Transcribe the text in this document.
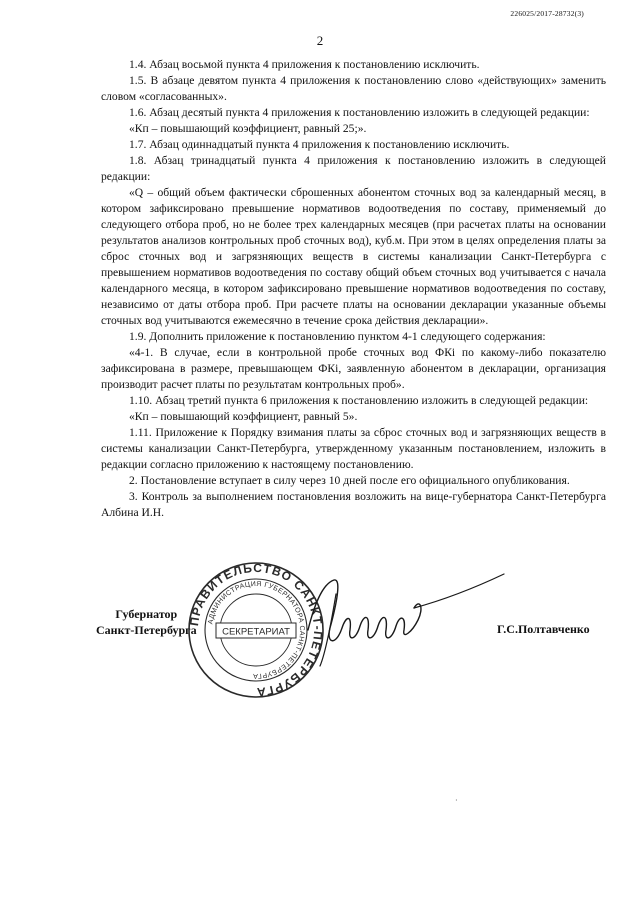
226025/2017-28732(3)
2

1.4. Абзац восьмой пункта 4 приложения к постановлению исключить.

1.5. В абзаце девятом пункта 4 приложения к постановлению слово «действующих» заменить словом «согласованных».

1.6. Абзац десятый пункта 4 приложения к постановлению изложить в следующей редакции:

«Кп – повышающий коэффициент, равный 25;».

1.7. Абзац одиннадцатый пункта 4 приложения к постановлению исключить.

1.8. Абзац тринадцатый пункта 4 приложения к постановлению изложить в следующей редакции:

«Q – общий объем фактически сброшенных абонентом сточных вод за календарный месяц, в котором зафиксировано превышение нормативов водоотведения по составу, применяемый до следующего отбора проб, но не более трех календарных месяцев (при расчетах платы на основании результатов анализов контрольных проб сточных вод), куб.м. При этом в целях определения платы за сброс сточных вод и загрязняющих веществ в системы канализации Санкт-Петербурга с превышением нормативов водоотведения по составу общий объем сточных вод учитывается с начала календарного месяца, в котором зафиксировано превышение нормативов водоотведения по составу, независимо от даты отбора проб. При расчете платы на основании декларации указанные объемы сточных вод учитываются ежемесячно в течение срока действия декларации».

1.9. Дополнить приложение к постановлению пунктом 4-1 следующего содержания:

«4-1. В случае, если в контрольной пробе сточных вод ФКi по какому-либо показателю зафиксирована в размере, превышающем ФКi, заявленную абонентом в декларации, организация производит расчет платы по результатам контрольных проб».

1.10. Абзац третий пункта 6 приложения к постановлению изложить в следующей редакции:

«Кп – повышающий коэффициент, равный 5».

1.11. Приложение к Порядку взимания платы за сброс сточных вод и загрязняющих веществ в системы канализации Санкт-Петербурга, утвержденному указанным постановлением, изложить в редакции согласно приложению к настоящему постановлению.

2. Постановление вступает в силу через 10 дней после его официального опубликования.

3. Контроль за выполнением постановления возложить на вице-губернатора Санкт-Петербурга Албина И.Н.

Губернатор
Санкт-Петербурга
ПРАВИТЕЛЬСТВО САНКТ-ПЕТЕРБУРГА
АДМИНИСТРАЦИЯ ГУБЕРНАТОРА САНКТ-ПЕТЕРБУРГА
СЕКРЕТАРИАТ	Г.С.Полтавченко
·
